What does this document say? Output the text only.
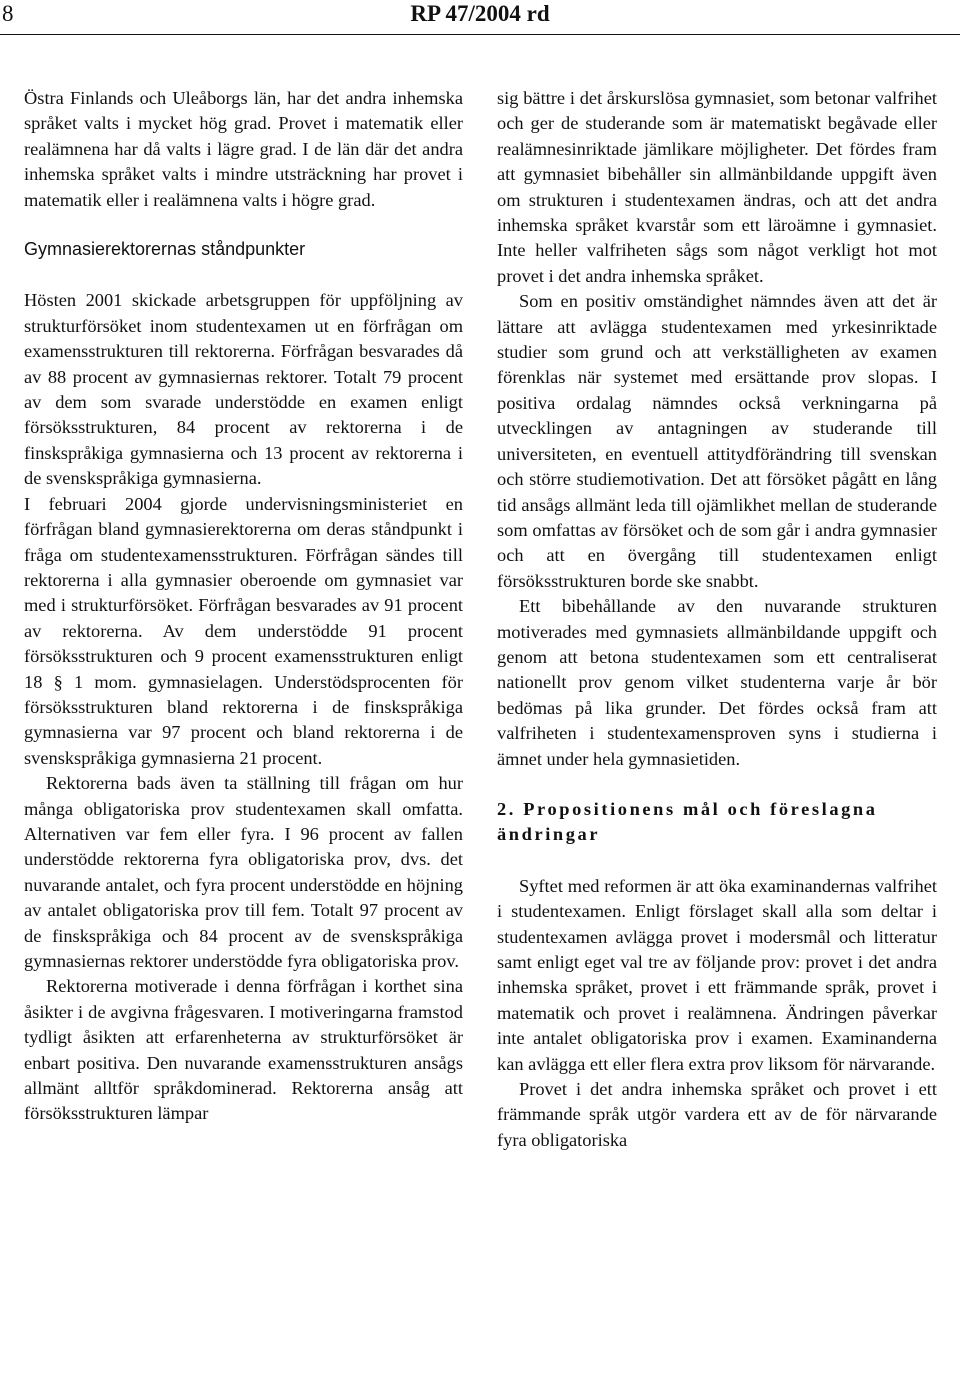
8	RP 47/2004 rd

Östra Finlands och Uleåborgs län, har det andra inhemska språket valts i mycket hög grad. Provet i matematik eller realämnena har då valts i lägre grad. I de län där det andra inhemska språket valts i mindre utsträckning har provet i matematik eller i realämnena valts i högre grad.

Gymnasierektorernas ståndpunkter

Hösten 2001 skickade arbetsgruppen för uppföljning av strukturförsöket inom studentexamen ut en förfrågan om examensstrukturen till rektorerna. Förfrågan besvarades då av 88 procent av gymnasiernas rektorer. Totalt 79 procent av dem som svarade understödde en examen enligt försöksstrukturen, 84 procent av rektorerna i de finskspråkiga gymnasierna och 13 procent av rektorerna i de svenskspråkiga gymnasierna.

I februari 2004 gjorde undervisningsministeriet en förfrågan bland gymnasierektorerna om deras ståndpunkt i fråga om studentexamensstrukturen. Förfrågan sändes till rektorerna i alla gymnasier oberoende om gymnasiet var med i strukturförsöket. Förfrågan besvarades av 91 procent av rektorerna. Av dem understödde 91 procent försöksstrukturen och 9 procent examensstrukturen enligt 18 § 1 mom. gymnasielagen. Understödsprocenten för försöksstrukturen bland rektorerna i de finskspråkiga gymnasierna var 97 procent och bland rektorerna i de svenskspråkiga gymnasierna 21 procent.

Rektorerna bads även ta ställning till frågan om hur många obligatoriska prov studentexamen skall omfatta. Alternativen var fem eller fyra. I 96 procent av fallen understödde rektorerna fyra obligatoriska prov, dvs. det nuvarande antalet, och fyra procent understödde en höjning av antalet obligatoriska prov till fem. Totalt 97 procent av de finskspråkiga och 84 procent av de svenskspråkiga gymnasiernas rektorer understödde fyra obligatoriska prov.

Rektorerna motiverade i denna förfrågan i korthet sina åsikter i de avgivna frågesvaren. I motiveringarna framstod tydligt åsikten att erfarenheterna av strukturförsöket är enbart positiva. Den nuvarande examensstrukturen ansågs allmänt alltför språkdominerad. Rektorerna ansåg att försöksstrukturen lämpar

sig bättre i det årskurslösa gymnasiet, som betonar valfrihet och ger de studerande som är matematiskt begåvade eller realämnesinriktade jämlikare möjligheter. Det fördes fram att gymnasiet bibehåller sin allmänbildande uppgift även om strukturen i studentexamen ändras, och att det andra inhemska språket kvarstår som ett läroämne i gymnasiet. Inte heller valfriheten sågs som något verkligt hot mot provet i det andra inhemska språket.

Som en positiv omständighet nämndes även att det är lättare att avlägga studentexamen med yrkesinriktade studier som grund och att verkställigheten av examen förenklas när systemet med ersättande prov slopas. I positiva ordalag nämndes också verkningarna på utvecklingen av antagningen av studerande till universiteten, en eventuell attitydförändring till svenskan och större studiemotivation. Det att försöket pågått en lång tid ansågs allmänt leda till ojämlikhet mellan de studerande som omfattas av försöket och de som går i andra gymnasier och att en övergång till studentexamen enligt försöksstrukturen borde ske snabbt.

Ett bibehållande av den nuvarande strukturen motiverades med gymnasiets allmänbildande uppgift och genom att betona studentexamen som ett centraliserat nationellt prov genom vilket studenterna varje år bör bedömas på lika grunder. Det fördes också fram att valfriheten i studentexamensproven syns i studierna i ämnet under hela gymnasietiden.

2. Propositionens mål och föreslagna ändringar

Syftet med reformen är att öka examinandernas valfrihet i studentexamen. Enligt förslaget skall alla som deltar i studentexamen avlägga provet i modersmål och litteratur samt enligt eget val tre av följande prov: provet i det andra inhemska språket, provet i ett främmande språk, provet i matematik och provet i realämnena. Ändringen påverkar inte antalet obligatoriska prov i examen. Examinanderna kan avlägga ett eller flera extra prov liksom för närvarande.

Provet i det andra inhemska språket och provet i ett främmande språk utgör vardera ett av de för närvarande fyra obligatoriska
